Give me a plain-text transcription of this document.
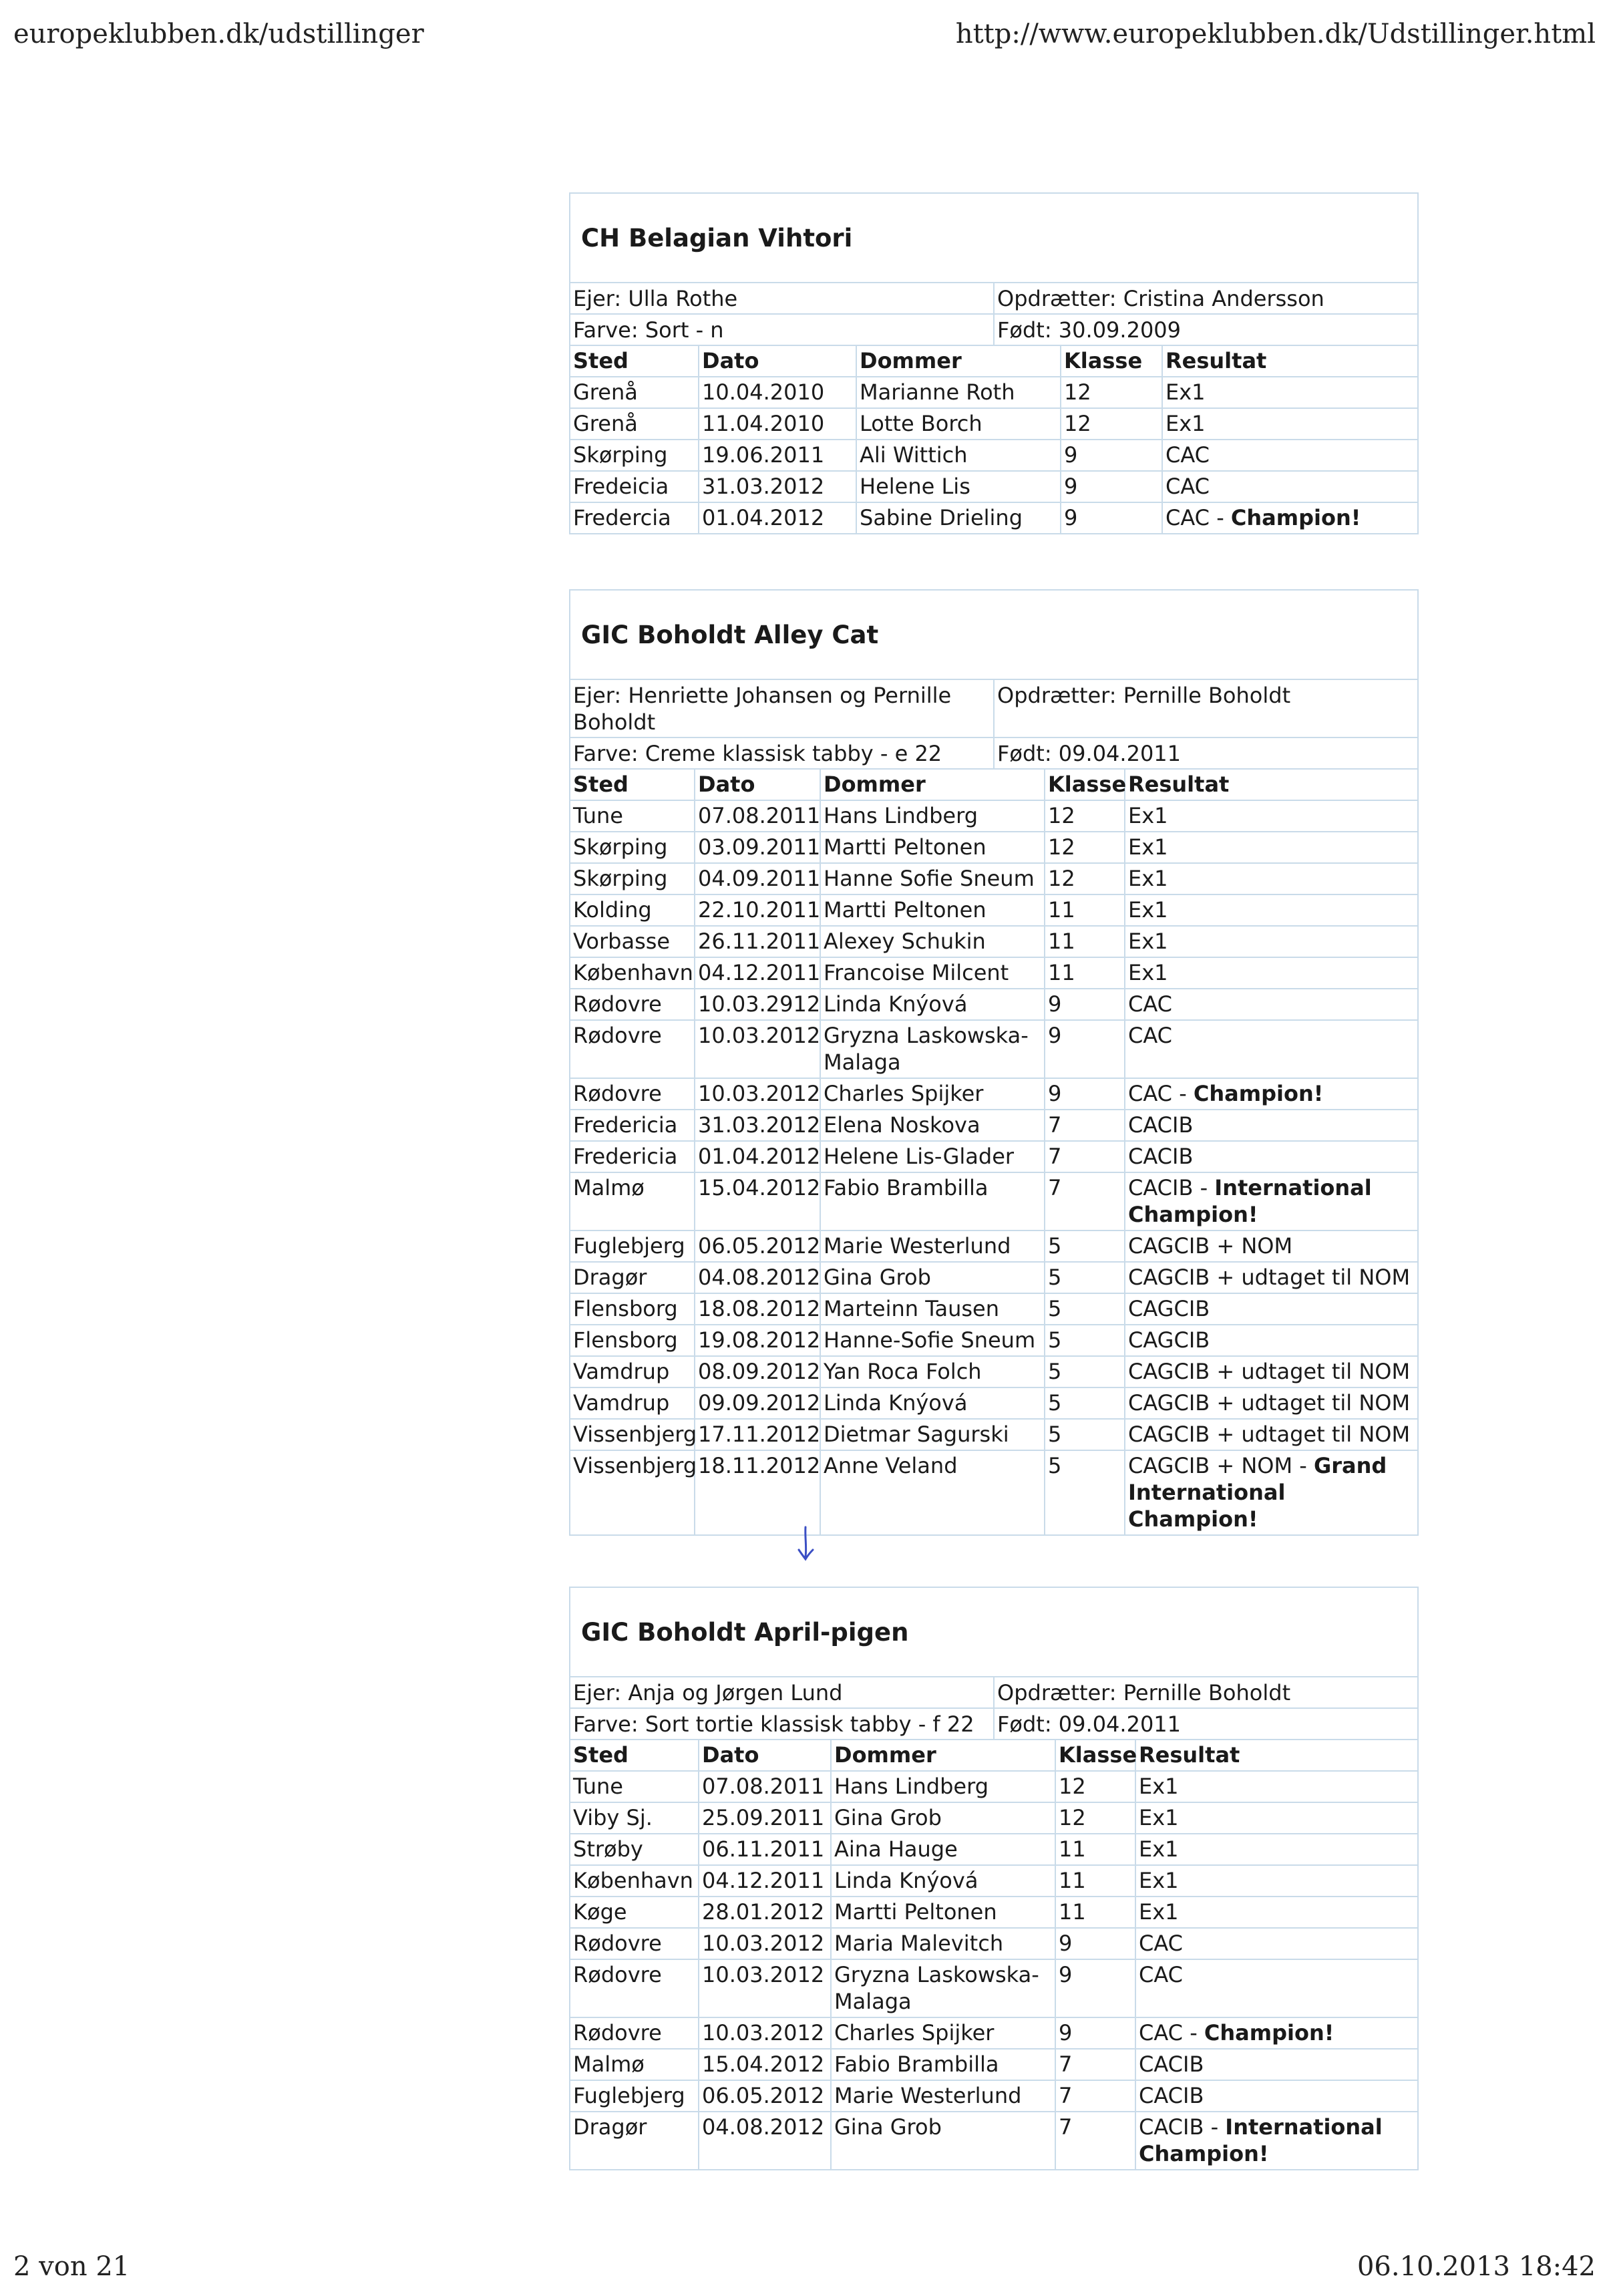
europeklubben.dk/udstillinger	http://www.europeklubben.dk/Udstillinger.html
CH Belagian Vihtori
Ejer: Ulla Rothe	Opdrætter: Cristina Andersson
Farve: Sort - n	Født: 30.09.2009
Sted	Dato	Dommer	Klasse	Resultat
Grenå	10.04.2010	Marianne Roth	12	Ex1
Grenå	11.04.2010	Lotte Borch	12	Ex1
Skørping	19.06.2011	Ali Wittich	9	CAC
Fredeicia	31.03.2012	Helene Lis	9	CAC
Fredercia	01.04.2012	Sabine Drieling	9	CAC - Champion!
GIC Boholdt Alley Cat
Ejer: Henriette Johansen og Pernille Boholdt	Opdrætter: Pernille Boholdt
Farve: Creme klassisk tabby - e 22	Født: 09.04.2011
Sted	Dato	Dommer	Klasse	Resultat
Tune	07.08.2011	Hans Lindberg	12	Ex1
Skørping	03.09.2011	Martti Peltonen	12	Ex1
Skørping	04.09.2011	Hanne Sofie Sneum	12	Ex1
Kolding	22.10.2011	Martti Peltonen	11	Ex1
Vorbasse	26.11.2011	Alexey Schukin	11	Ex1
København	04.12.2011	Francoise Milcent	11	Ex1
Rødovre	10.03.2912	Linda Knýová	9	CAC
Rødovre	10.03.2012	Gryzna Laskowska-Malaga	9	CAC
Rødovre	10.03.2012	Charles Spijker	9	CAC - Champion!
Fredericia	31.03.2012	Elena Noskova	7	CACIB
Fredericia	01.04.2012	Helene Lis-Glader	7	CACIB
Malmø	15.04.2012	Fabio Brambilla	7	CACIB - International Champion!
Fuglebjerg	06.05.2012	Marie Westerlund	5	CAGCIB + NOM
Dragør	04.08.2012	Gina Grob	5	CAGCIB + udtaget til NOM
Flensborg	18.08.2012	Marteinn Tausen	5	CAGCIB
Flensborg	19.08.2012	Hanne-Sofie Sneum	5	CAGCIB
Vamdrup	08.09.2012	Yan Roca Folch	5	CAGCIB + udtaget til NOM
Vamdrup	09.09.2012	Linda Knýová	5	CAGCIB + udtaget til NOM
Vissenbjerg	17.11.2012	Dietmar Sagurski	5	CAGCIB + udtaget til NOM
Vissenbjerg	18.11.2012	Anne Veland	5	CAGCIB + NOM - Grand International Champion!
GIC Boholdt April-pigen
Ejer: Anja og Jørgen Lund	Opdrætter: Pernille Boholdt
Farve: Sort tortie klassisk tabby - f 22	Født: 09.04.2011
Sted	Dato	Dommer	Klasse	Resultat
Tune	07.08.2011	Hans Lindberg	12	Ex1
Viby Sj.	25.09.2011	Gina Grob	12	Ex1
Strøby	06.11.2011	Aina Hauge	11	Ex1
København	04.12.2011	Linda Knýová	11	Ex1
Køge	28.01.2012	Martti Peltonen	11	Ex1
Rødovre	10.03.2012	Maria Malevitch	9	CAC
Rødovre	10.03.2012	Gryzna Laskowska-Malaga	9	CAC
Rødovre	10.03.2012	Charles Spijker	9	CAC - Champion!
Malmø	15.04.2012	Fabio Brambilla	7	CACIB
Fuglebjerg	06.05.2012	Marie Westerlund	7	CACIB
Dragør	04.08.2012	Gina Grob	7	CACIB - International Champion!
2 von 21	06.10.2013 18:42
